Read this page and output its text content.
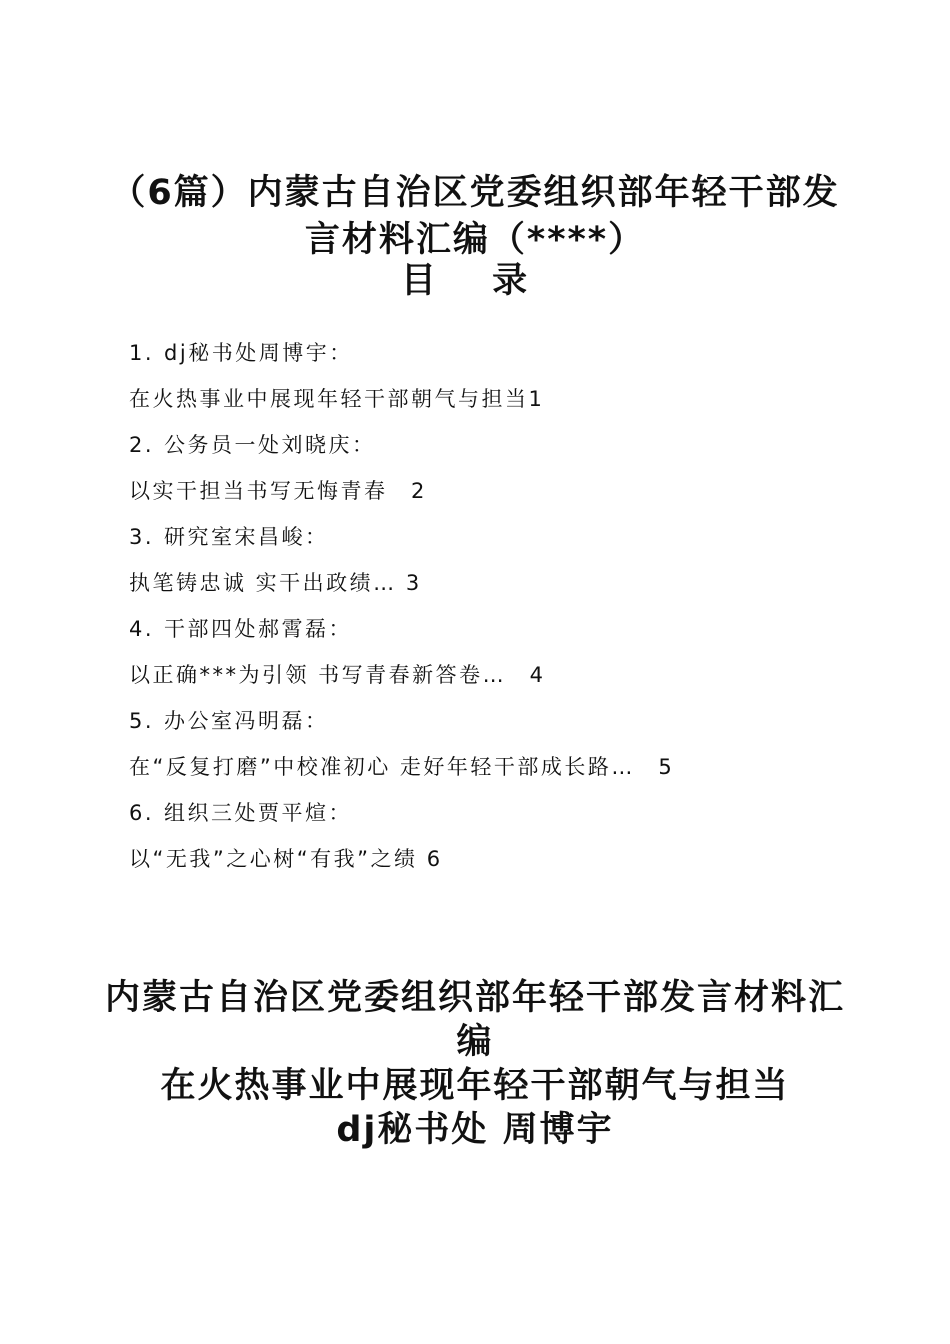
（6篇）内蒙古自治区党委组织部年轻干部发言材料汇编（****）
目 录
1. dj秘书处周博宇：
在火热事业中展现年轻干部朝气与担当1
2. 公务员一处刘晓庆：
以实干担当书写无悔青春　2
3. 研究室宋昌峻：
执笔铸忠诚 实干出政绩… 3
4. 干部四处郝霄磊：
以正确***为引领 书写青春新答卷…　4
5. 办公室冯明磊：
在“反复打磨”中校准初心 走好年轻干部成长路…　5
6. 组织三处贾平煊：
以“无我”之心树“有我”之绩 6
内蒙古自治区党委组织部年轻干部发言材料汇编
在火热事业中展现年轻干部朝气与担当
dj秘书处 周博宇
